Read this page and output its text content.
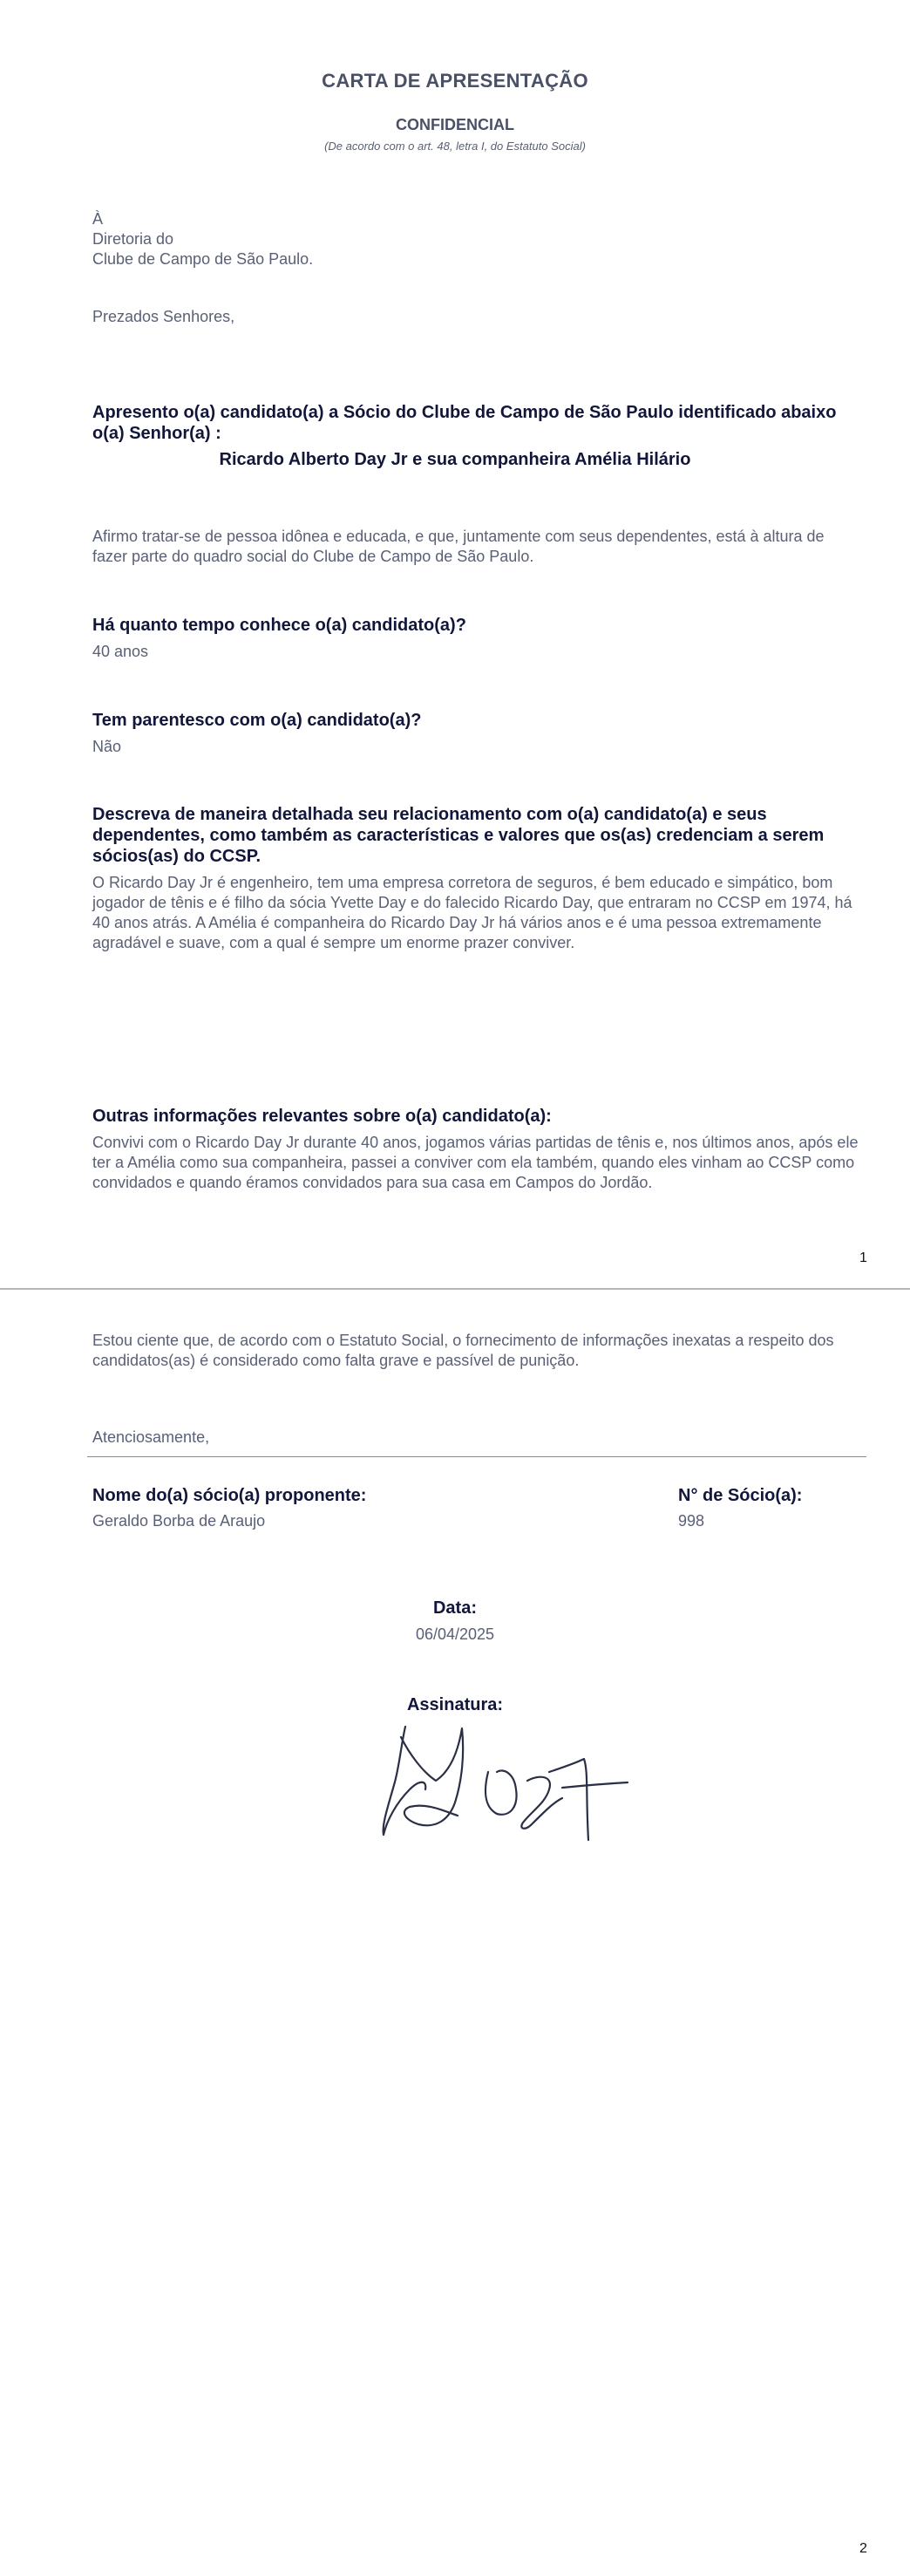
CARTA DE APRESENTAÇÃO
CONFIDENCIAL
(De acordo com o art. 48, letra I, do Estatuto Social)
À
Diretoria do
Clube de Campo de São Paulo.
Prezados Senhores,
Apresento o(a) candidato(a) a Sócio do Clube de Campo de São Paulo identificado abaixo o(a) Senhor(a) :
Ricardo Alberto Day Jr e sua companheira Amélia Hilário
Afirmo tratar-se de pessoa idônea e educada, e que, juntamente com seus dependentes, está à altura de fazer parte do quadro social do Clube de Campo de São Paulo.
Há quanto tempo conhece o(a) candidato(a)?
40 anos
Tem parentesco com o(a) candidato(a)?
Não
Descreva de maneira detalhada seu relacionamento com o(a) candidato(a) e seus dependentes, como também as características e valores que os(as) credenciam a serem sócios(as) do CCSP.
O Ricardo Day Jr é engenheiro, tem uma empresa corretora de seguros, é bem educado e simpático, bom jogador de tênis e é filho da sócia Yvette Day e do falecido Ricardo Day, que entraram no CCSP em 1974, há 40 anos atrás. A Amélia é companheira do Ricardo Day Jr há vários anos e é uma pessoa extremamente agradável e suave, com a qual é sempre um enorme prazer conviver.
Outras informações relevantes sobre o(a) candidato(a):
Convivi com o Ricardo Day Jr durante 40 anos, jogamos várias partidas de tênis e, nos últimos anos, após ele ter a Amélia como sua companheira, passei a conviver com ela também, quando eles vinham ao CCSP como convidados e quando éramos convidados para sua casa em Campos do Jordão.
1
Estou ciente que, de acordo com o Estatuto Social, o fornecimento de informações inexatas a respeito dos candidatos(as) é considerado como falta grave e passível de punição.
Atenciosamente,
Nome do(a) sócio(a) proponente:
Geraldo Borba de Araujo
N° de Sócio(a):
998
Data:
06/04/2025
Assinatura:
2
